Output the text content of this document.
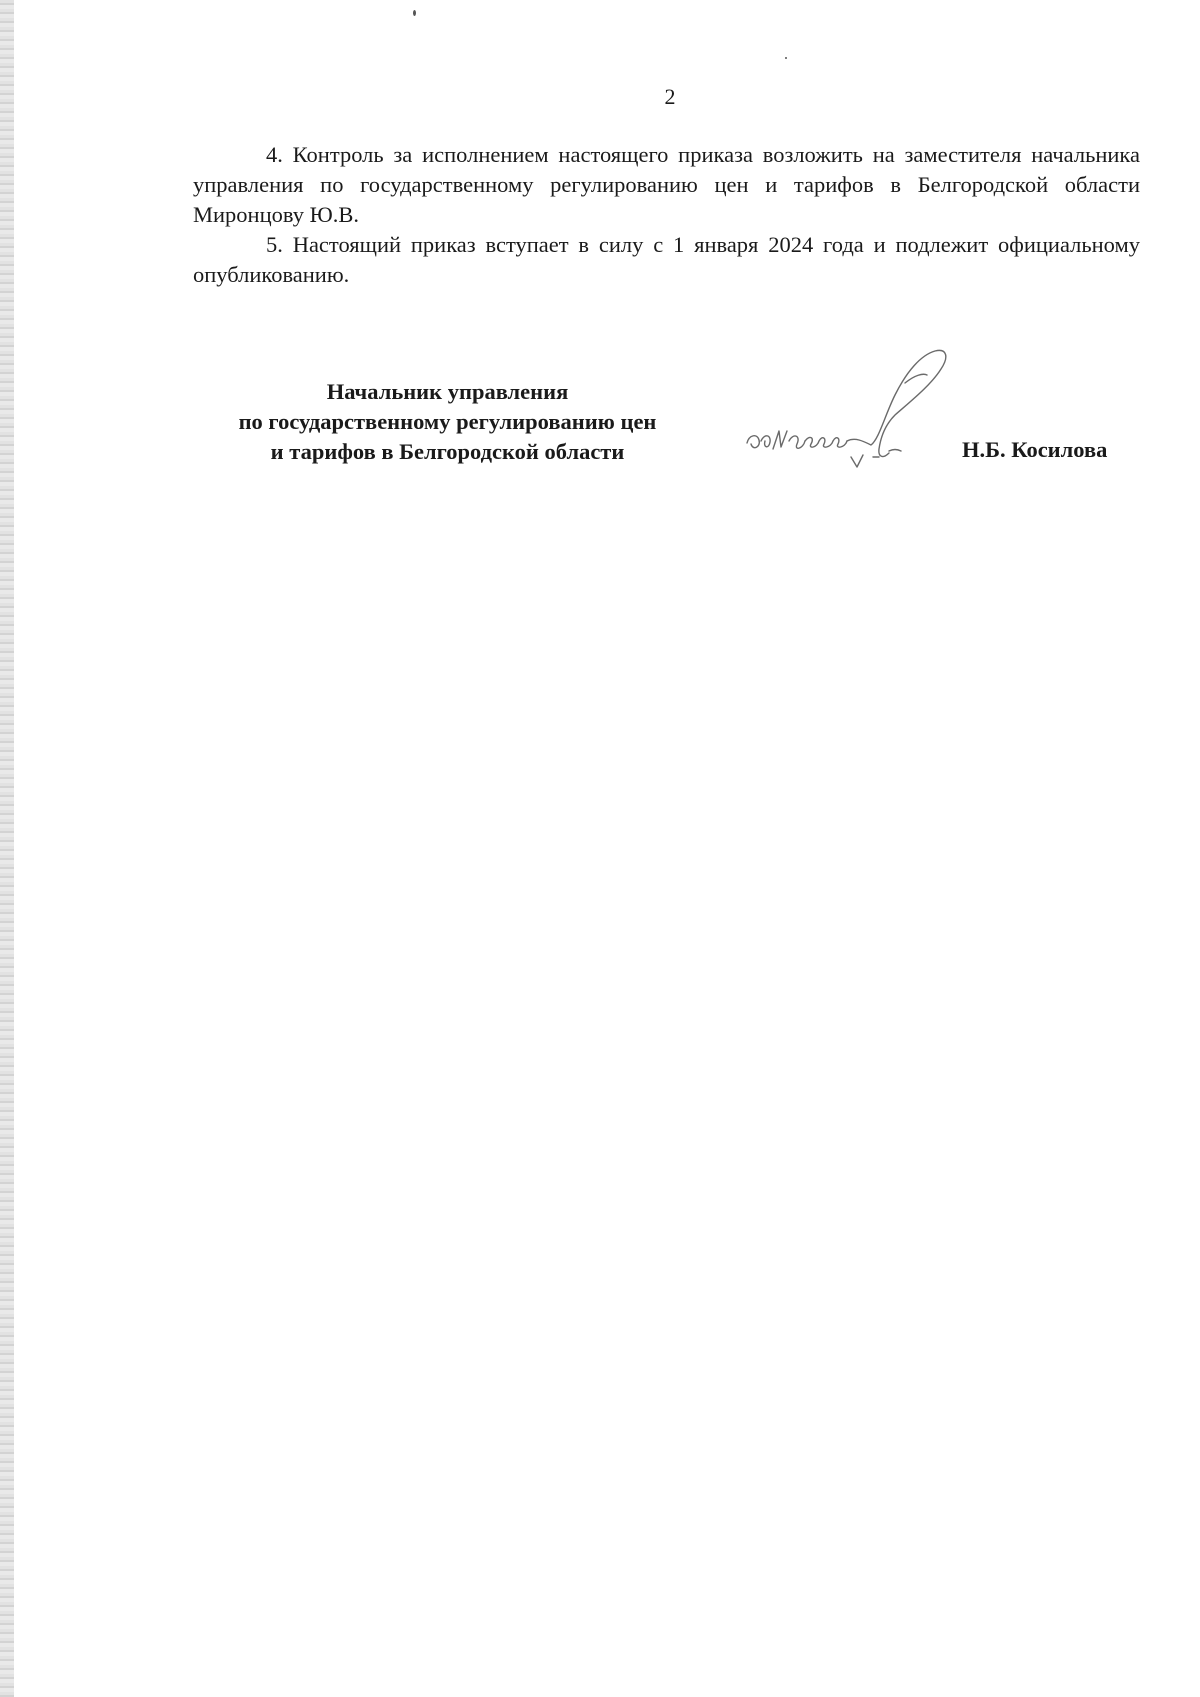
2

4. Контроль за исполнением настоящего приказа возложить на заместителя начальника управления по государственному регулированию цен и тарифов в Белгородской области Миронцову Ю.В.

5. Настоящий приказ вступает в силу с 1 января 2024 года и подлежит официальному опубликованию.

Начальник управления
по государственному регулированию цен
и тарифов в Белгородской области	Н.Б. Косилова
